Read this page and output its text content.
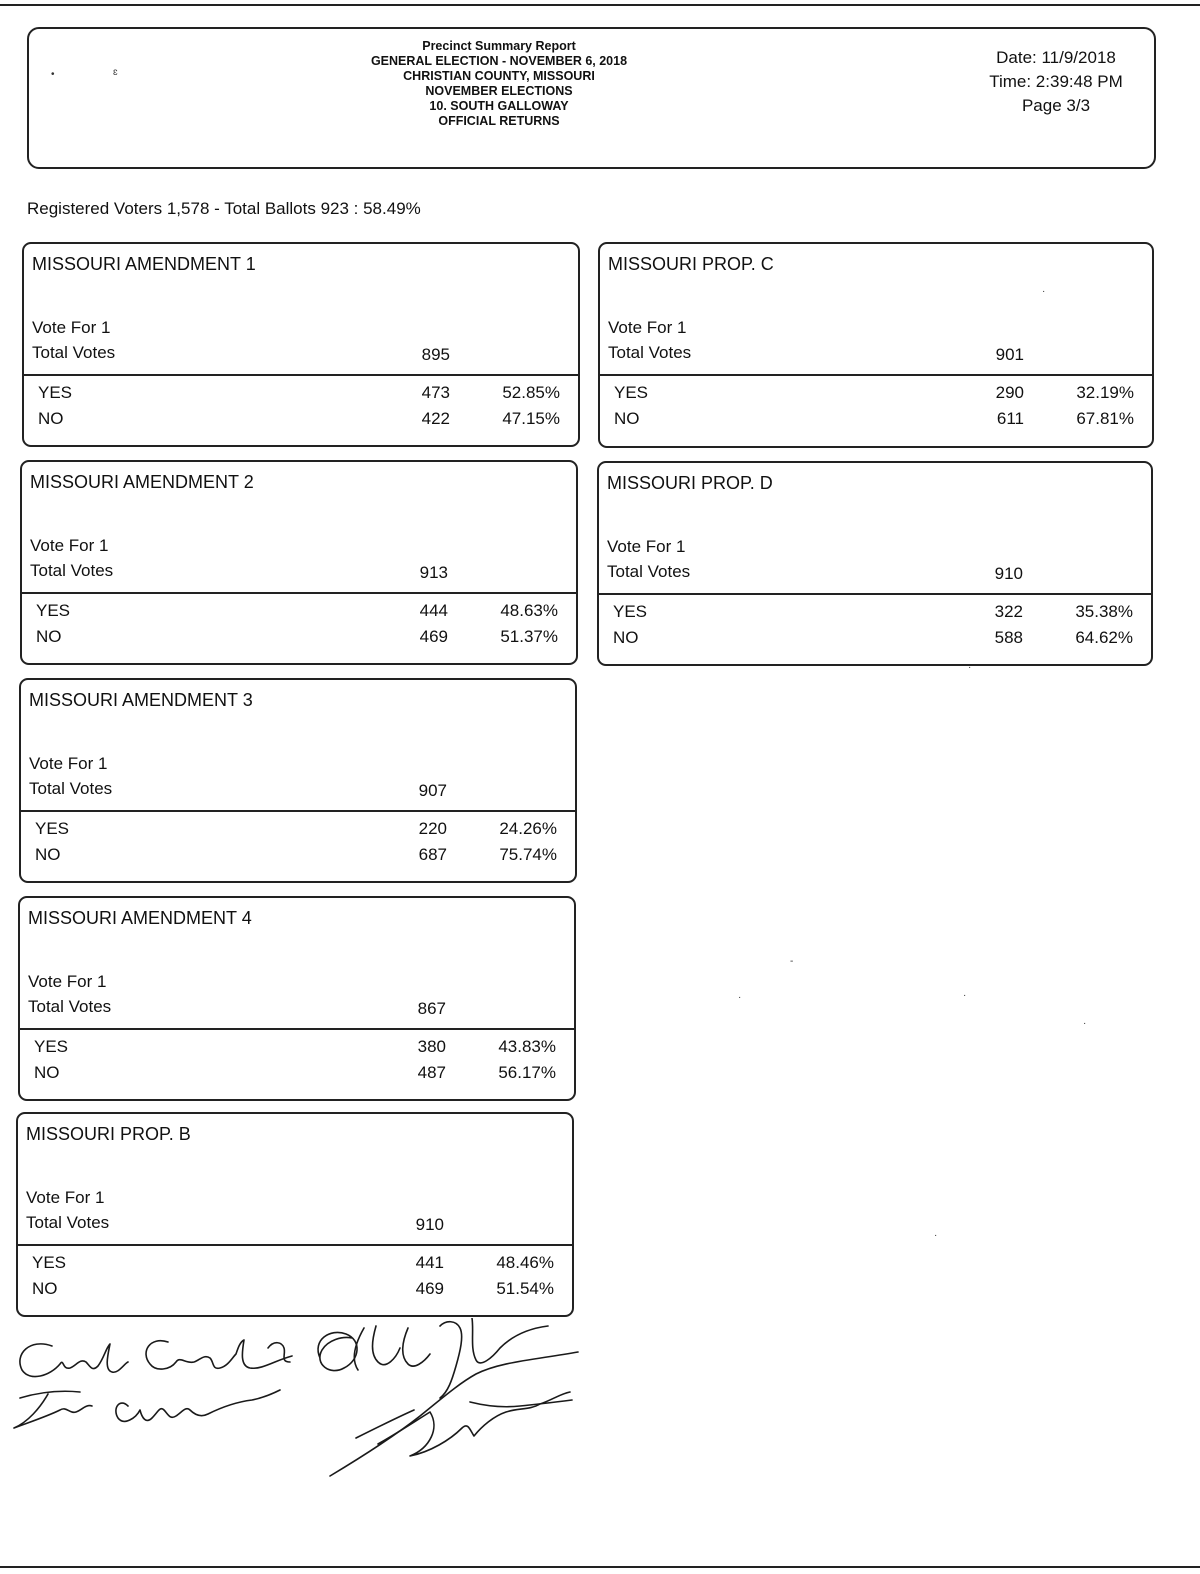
•	ɛ
Precinct Summary Report
GENERAL ELECTION - NOVEMBER 6, 2018
CHRISTIAN COUNTY, MISSOURI
NOVEMBER ELECTIONS
10. SOUTH GALLOWAY
OFFICIAL RETURNS
Date: 11/9/2018
Time: 2:39:48 PM
Page 3/3
Registered Voters 1,578 - Total Ballots 923 : 58.49%
MISSOURI AMENDMENT 1
Vote For 1
Total Votes	895
YES	473	52.85%
NO	422	47.15%
MISSOURI AMENDMENT 2
Vote For 1
Total Votes	913
YES	444	48.63%
NO	469	51.37%
MISSOURI AMENDMENT 3
Vote For 1
Total Votes	907
YES	220	24.26%
NO	687	75.74%
MISSOURI AMENDMENT 4
Vote For 1
Total Votes	867
YES	380	43.83%
NO	487	56.17%
MISSOURI PROP. B
Vote For 1
Total Votes	910
YES	441	48.46%
NO	469	51.54%
MISSOURI PROP. C
·
Vote For 1
Total Votes	901
YES	290	32.19%
NO	611	67.81%
MISSOURI PROP. D
Vote For 1
Total Votes	910
YES	322	35.38%
NO	588	64.62%
-
·	·
·
·
·
